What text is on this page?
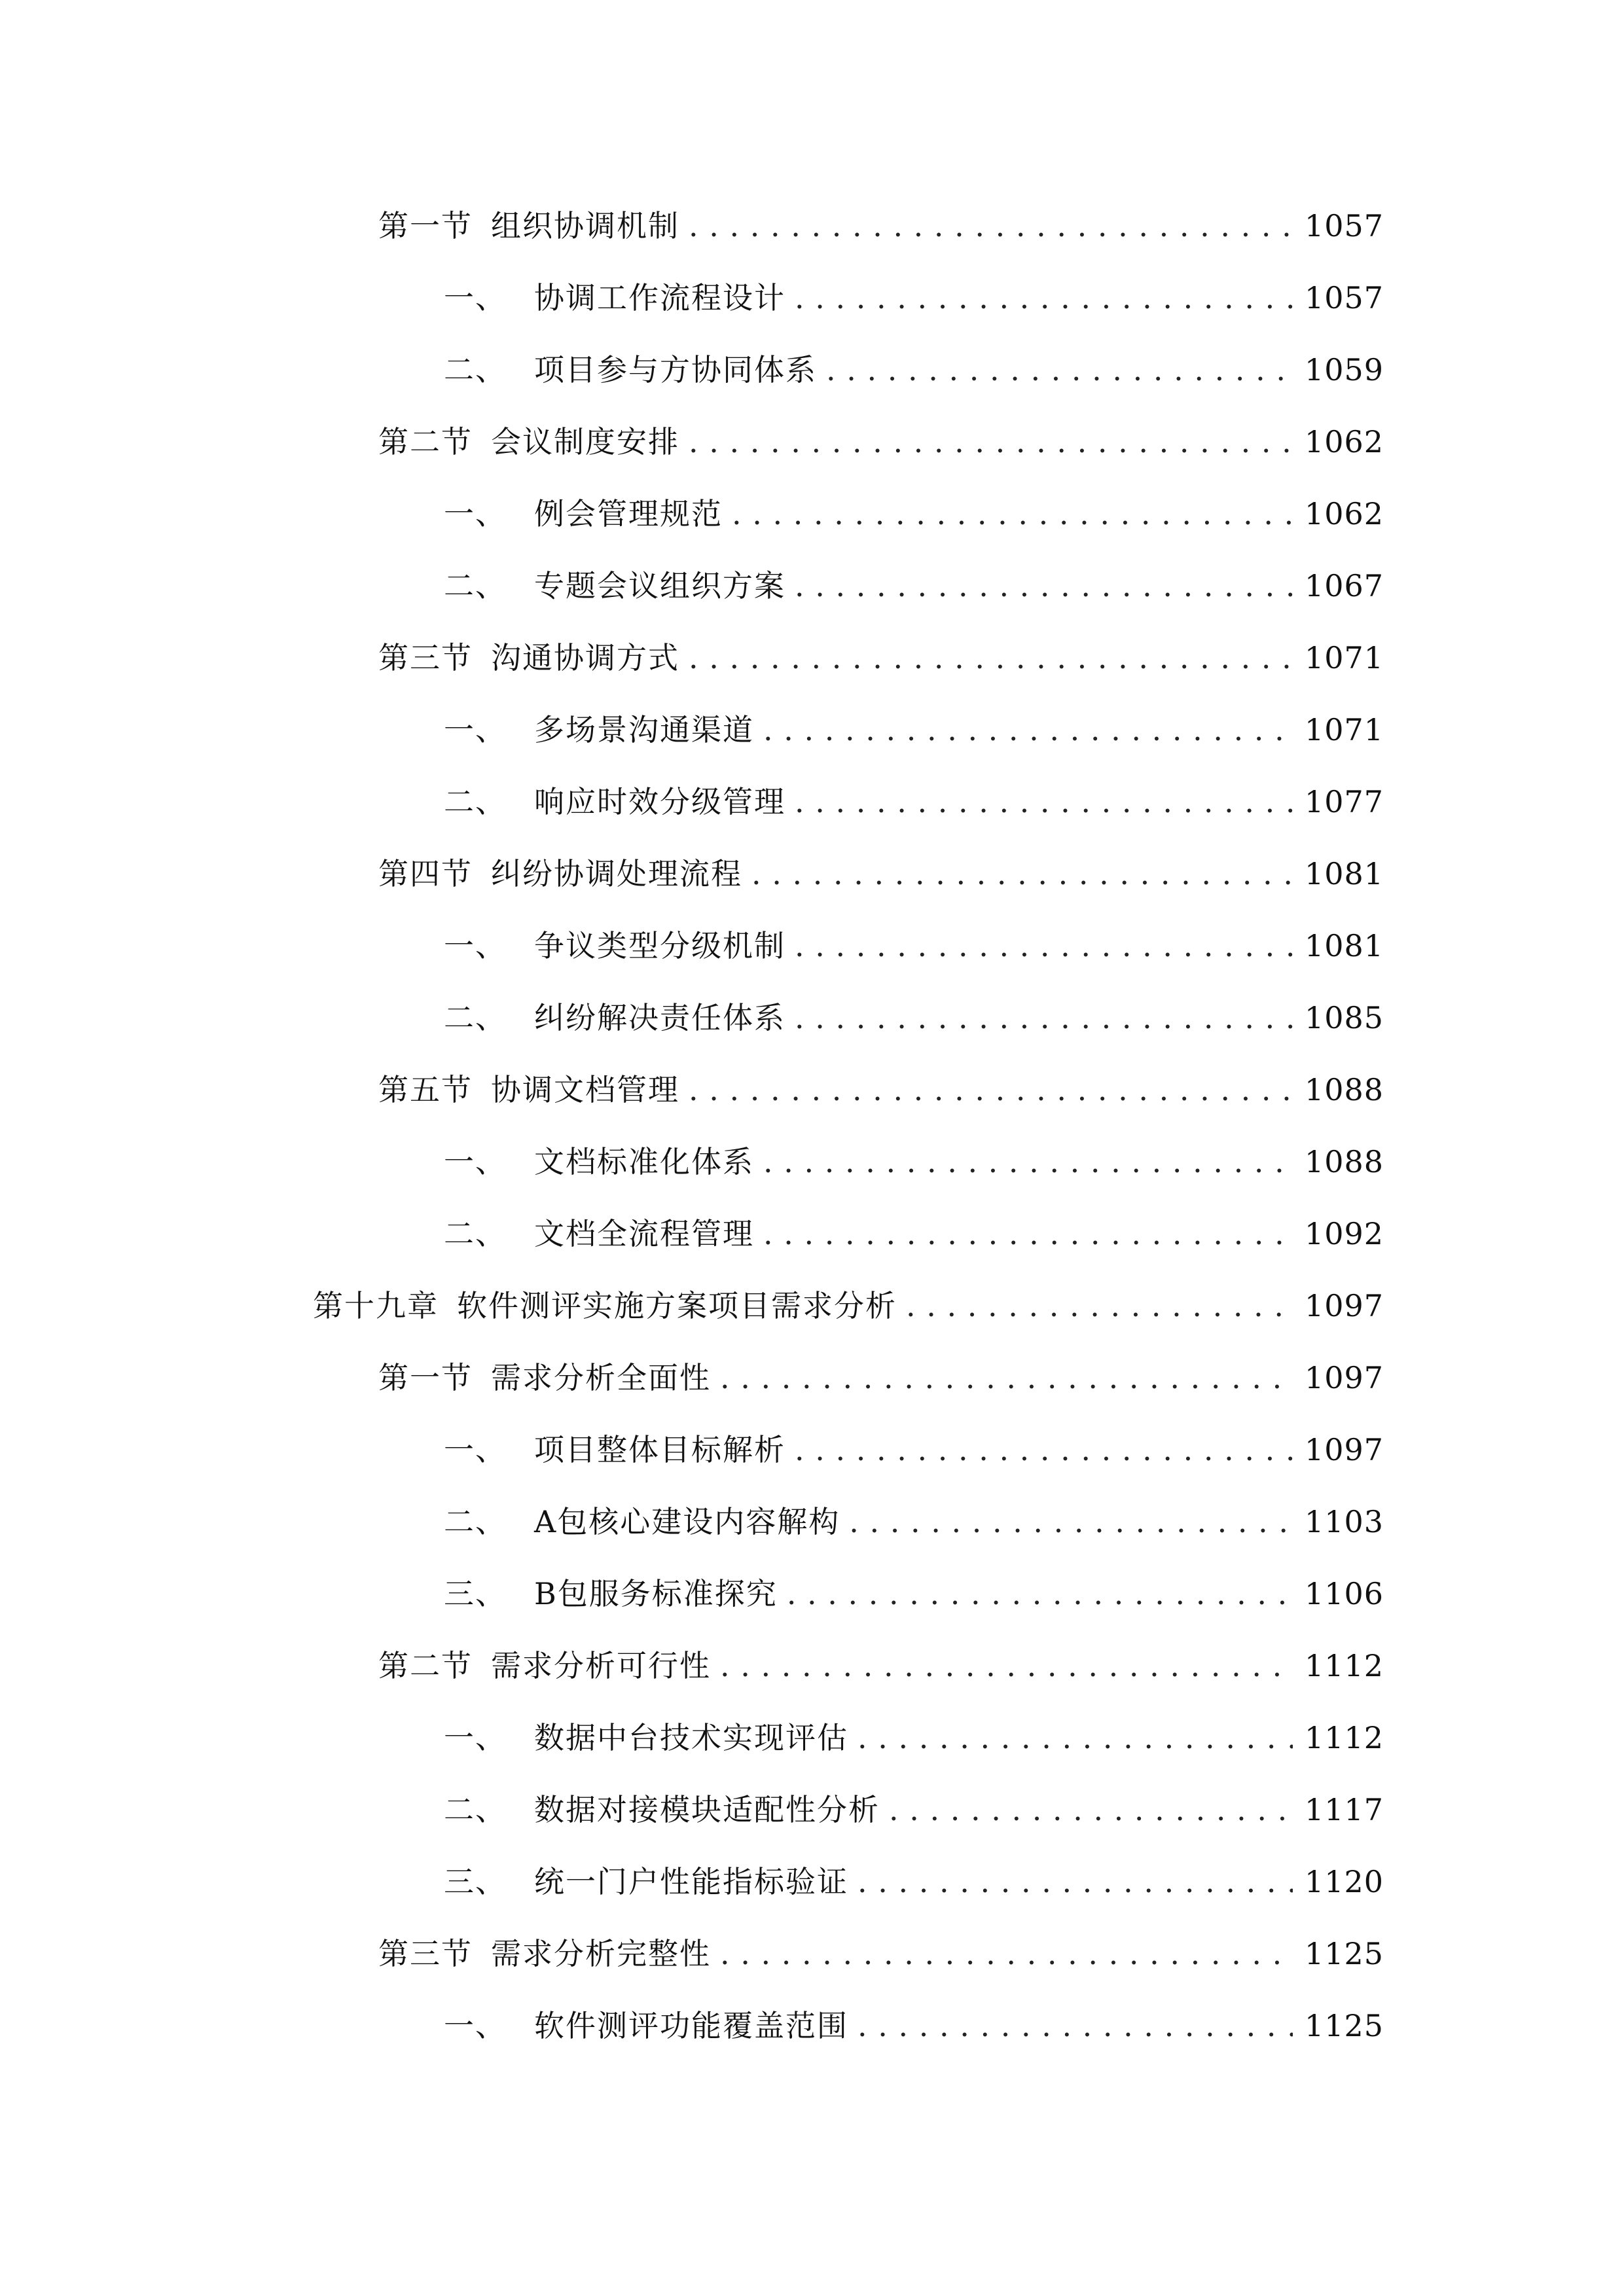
第一节 组织协调机制 . . .	1057
一、 协调工作流程设计 . . .	1057
二、 项目参与方协同体系 . . .	1059
第二节 会议制度安排 . . .	1062
一、 例会管理规范 . . .	1062
二、 专题会议组织方案 . . .	1067
第三节 沟通协调方式 . . .	1071
一、 多场景沟通渠道 . . .	1071
二、 响应时效分级管理 . . .	1077
第四节 纠纷协调处理流程 . . .	1081
一、 争议类型分级机制 . . .	1081
二、 纠纷解决责任体系 . . .	1085
第五节 协调文档管理 . . .	1088
一、 文档标准化体系 . . .	1088
二、 文档全流程管理 . . .	1092
第十九章 软件测评实施方案项目需求分析 . . .	1097
第一节 需求分析全面性 . . .	1097
一、 项目整体目标解析 . . .	1097
二、 A包核心建设内容解构 . . .	1103
三、 B包服务标准探究 . . .	1106
第二节 需求分析可行性 . . .	1112
一、 数据中台技术实现评估 . . .	1112
二、 数据对接模块适配性分析 . . .	1117
三、 统一门户性能指标验证 . . .	1120
第三节 需求分析完整性 . . .	1125
一、 软件测评功能覆盖范围 . . .	1125
